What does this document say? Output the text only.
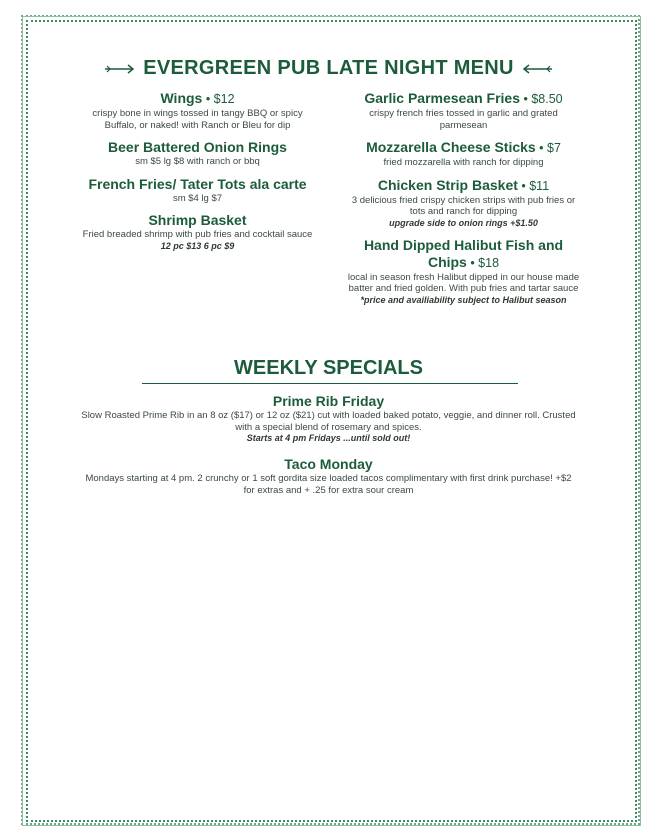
EVERGREEN PUB LATE NIGHT MENU
Wings • $12
crispy bone in wings tossed in tangy BBQ or spicy Buffalo, or naked! with Ranch or Bleu for dip
Beer Battered Onion Rings
sm $5 lg $8 with ranch or bbq
French Fries/ Tater Tots ala carte
sm $4 lg $7
Shrimp Basket
Fried breaded shrimp with pub fries and cocktail sauce
12 pc $13 6 pc $9
Garlic Parmesean Fries • $8.50
crispy french fries tossed in garlic and grated parmesean
Mozzarella Cheese Sticks • $7
fried mozzarella with ranch for dipping
Chicken Strip Basket • $11
3 delicious fried crispy chicken strips with pub fries or tots and ranch for dipping
upgrade side to onion rings +$1.50
Hand Dipped Halibut Fish and Chips • $18
local in season fresh Halibut dipped in our house made batter and fried golden. With pub fries and tartar sauce
*price and availiability subject to Halibut season
WEEKLY SPECIALS
Prime Rib Friday
Slow Roasted Prime Rib in an 8 oz ($17) or 12 oz ($21) cut with loaded baked potato, veggie, and dinner roll. Crusted with a special blend of rosemary and spices.
Starts at 4 pm Fridays ...until sold out!
Taco Monday
Mondays starting at 4 pm. 2 crunchy or 1 soft gordita size loaded tacos complimentary with first drink purchase! +$2 for extras and + .25 for extra sour cream
